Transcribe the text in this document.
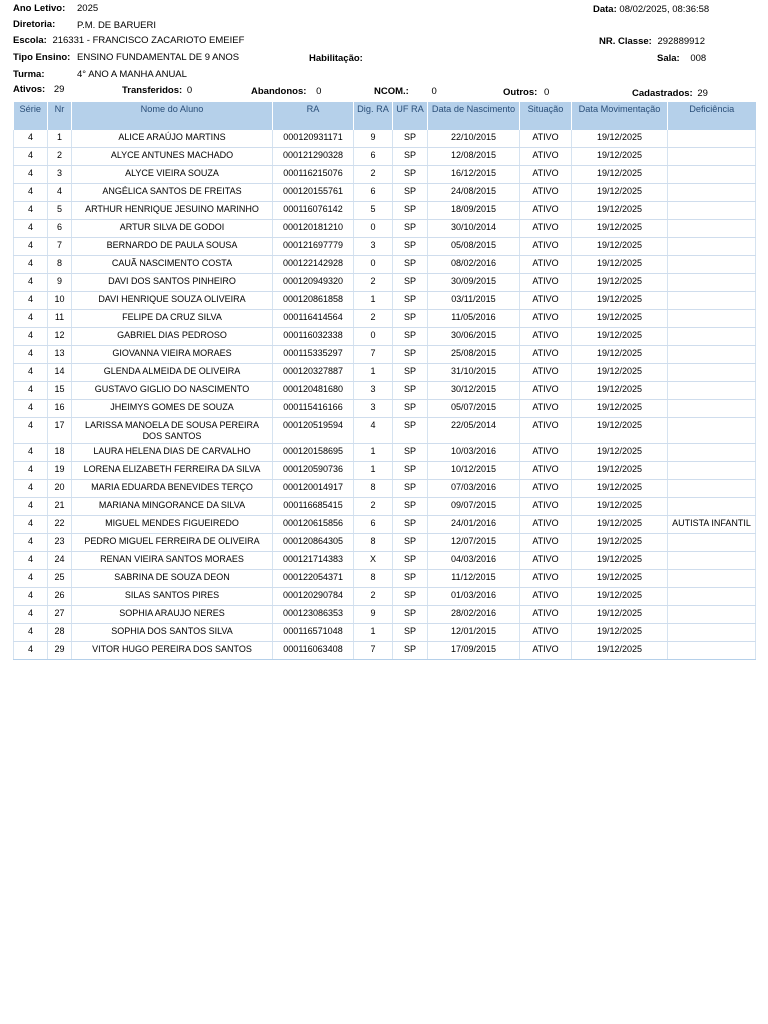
Ano Letivo: 2025	Data: 08/02/2025, 08:36:58
Diretoria: P.M. DE BARUERI
Escola: 216331 - FRANCISCO ZACARIOTO EMEIEF	NR. Classe: 292889912
Tipo Ensino: ENSINO FUNDAMENTAL DE 9 ANOS	Habilitação:	Sala: 008
Turma:	4° ANO A MANHA ANUAL
Ativos: 29	Transferidos: 0	Abandonos: 0	NCOM.: 0	Outros: 0	Cadastrados: 29
Série	Nr	Nome do Aluno	RA	Dig. RA	UF RA	Data de Nascimento	Situação	Data Movimentação	Deficiência
4	1	ALICE ARAÚJO MARTINS	000120931171	9	SP	22/10/2015	ATIVO	19/12/2025	
4	2	ALYCE ANTUNES MACHADO	000121290328	6	SP	12/08/2015	ATIVO	19/12/2025	
4	3	ALYCE VIEIRA SOUZA	000116215076	2	SP	16/12/2015	ATIVO	19/12/2025	
4	4	ANGÉLICA SANTOS DE FREITAS	000120155761	6	SP	24/08/2015	ATIVO	19/12/2025	
4	5	ARTHUR HENRIQUE JESUINO MARINHO	000116076142	5	SP	18/09/2015	ATIVO	19/12/2025	
4	6	ARTUR SILVA DE GODOI	000120181210	0	SP	30/10/2014	ATIVO	19/12/2025	
4	7	BERNARDO DE PAULA SOUSA	000121697779	3	SP	05/08/2015	ATIVO	19/12/2025	
4	8	CAUÃ NASCIMENTO COSTA	000122142928	0	SP	08/02/2016	ATIVO	19/12/2025	
4	9	DAVI DOS SANTOS PINHEIRO	000120949320	2	SP	30/09/2015	ATIVO	19/12/2025	
4	10	DAVI HENRIQUE SOUZA OLIVEIRA	000120861858	1	SP	03/11/2015	ATIVO	19/12/2025	
4	11	FELIPE DA CRUZ SILVA	000116414564	2	SP	11/05/2016	ATIVO	19/12/2025	
4	12	GABRIEL DIAS PEDROSO	000116032338	0	SP	30/06/2015	ATIVO	19/12/2025	
4	13	GIOVANNA VIEIRA MORAES	000115335297	7	SP	25/08/2015	ATIVO	19/12/2025	
4	14	GLENDA ALMEIDA DE OLIVEIRA	000120327887	1	SP	31/10/2015	ATIVO	19/12/2025	
4	15	GUSTAVO GIGLIO DO NASCIMENTO	000120481680	3	SP	30/12/2015	ATIVO	19/12/2025	
4	16	JHEIMYS GOMES DE SOUZA	000115416166	3	SP	05/07/2015	ATIVO	19/12/2025	
4	17	LARISSA MANOELA DE SOUSA PEREIRA DOS SANTOS	000120519594	4	SP	22/05/2014	ATIVO	19/12/2025	
4	18	LAURA HELENA DIAS DE CARVALHO	000120158695	1	SP	10/03/2016	ATIVO	19/12/2025	
4	19	LORENA ELIZABETH FERREIRA DA SILVA	000120590736	1	SP	10/12/2015	ATIVO	19/12/2025	
4	20	MARIA EDUARDA BENEVIDES TERÇO	000120014917	8	SP	07/03/2016	ATIVO	19/12/2025	
4	21	MARIANA MINGORANCE DA SILVA	000116685415	2	SP	09/07/2015	ATIVO	19/12/2025	
4	22	MIGUEL MENDES FIGUEIREDO	000120615856	6	SP	24/01/2016	ATIVO	19/12/2025	AUTISTA INFANTIL
4	23	PEDRO MIGUEL FERREIRA DE OLIVEIRA	000120864305	8	SP	12/07/2015	ATIVO	19/12/2025	
4	24	RENAN VIEIRA SANTOS MORAES	000121714383	X	SP	04/03/2016	ATIVO	19/12/2025	
4	25	SABRINA DE SOUZA DEON	000122054371	8	SP	11/12/2015	ATIVO	19/12/2025	
4	26	SILAS SANTOS PIRES	000120290784	2	SP	01/03/2016	ATIVO	19/12/2025	
4	27	SOPHIA ARAUJO NERES	000123086353	9	SP	28/02/2016	ATIVO	19/12/2025	
4	28	SOPHIA DOS SANTOS SILVA	000116571048	1	SP	12/01/2015	ATIVO	19/12/2025	
4	29	VITOR HUGO PEREIRA DOS SANTOS	000116063408	7	SP	17/09/2015	ATIVO	19/12/2025	
